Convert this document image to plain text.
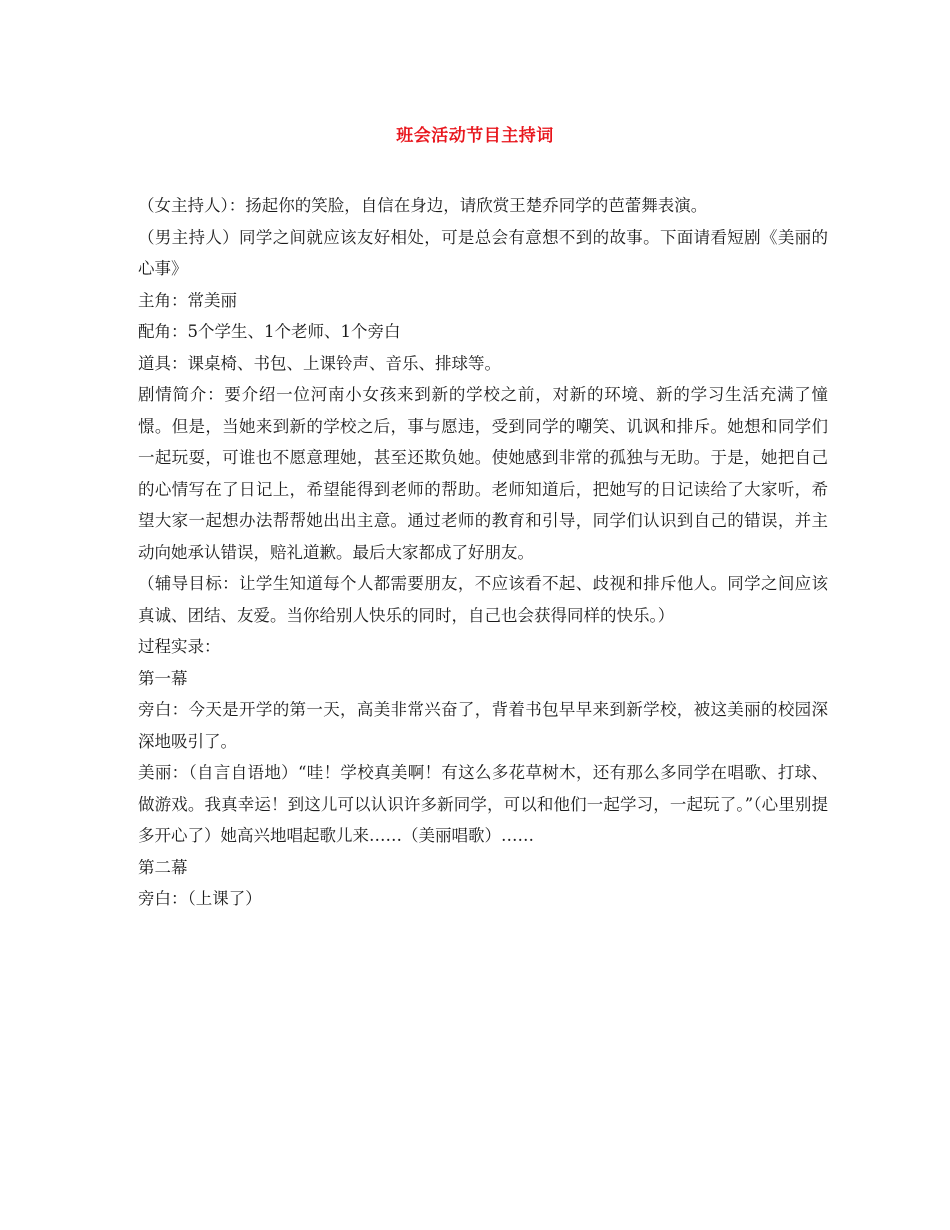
班会活动节目主持词

（女主持人）：扬起你的笑脸，自信在身边，请欣赏王楚乔同学的芭蕾舞表演。

（男主持人）同学之间就应该友好相处，可是总会有意想不到的故事。下面请看短剧《美丽的心事》

主角：常美丽

配角：5个学生、1个老师、1个旁白

道具：课桌椅、书包、上课铃声、音乐、排球等。

剧情简介：要介绍一位河南小女孩来到新的学校之前，对新的环境、新的学习生活充满了憧憬。但是，当她来到新的学校之后，事与愿违，受到同学的嘲笑、讥讽和排斥。她想和同学们一起玩耍，可谁也不愿意理她，甚至还欺负她。使她感到非常的孤独与无助。于是，她把自己的心情写在了日记上，希望能得到老师的帮助。老师知道后，把她写的日记读给了大家听，希望大家一起想办法帮帮她出出主意。通过老师的教育和引导，同学们认识到自己的错误，并主动向她承认错误，赔礼道歉。最后大家都成了好朋友。

（辅导目标：让学生知道每个人都需要朋友，不应该看不起、歧视和排斥他人。同学之间应该真诚、团结、友爱。当你给别人快乐的同时，自己也会获得同样的快乐。）

过程实录：

第一幕

旁白：今天是开学的第一天，高美非常兴奋了，背着书包早早来到新学校，被这美丽的校园深深地吸引了。

美丽：（自言自语地）“哇！学校真美啊！有这么多花草树木，还有那么多同学在唱歌、打球、做游戏。我真幸运！到这儿可以认识许多新同学，可以和他们一起学习，一起玩了。”（心里别提多开心了）她高兴地唱起歌儿来……（美丽唱歌）……

第二幕

旁白：（上课了）
